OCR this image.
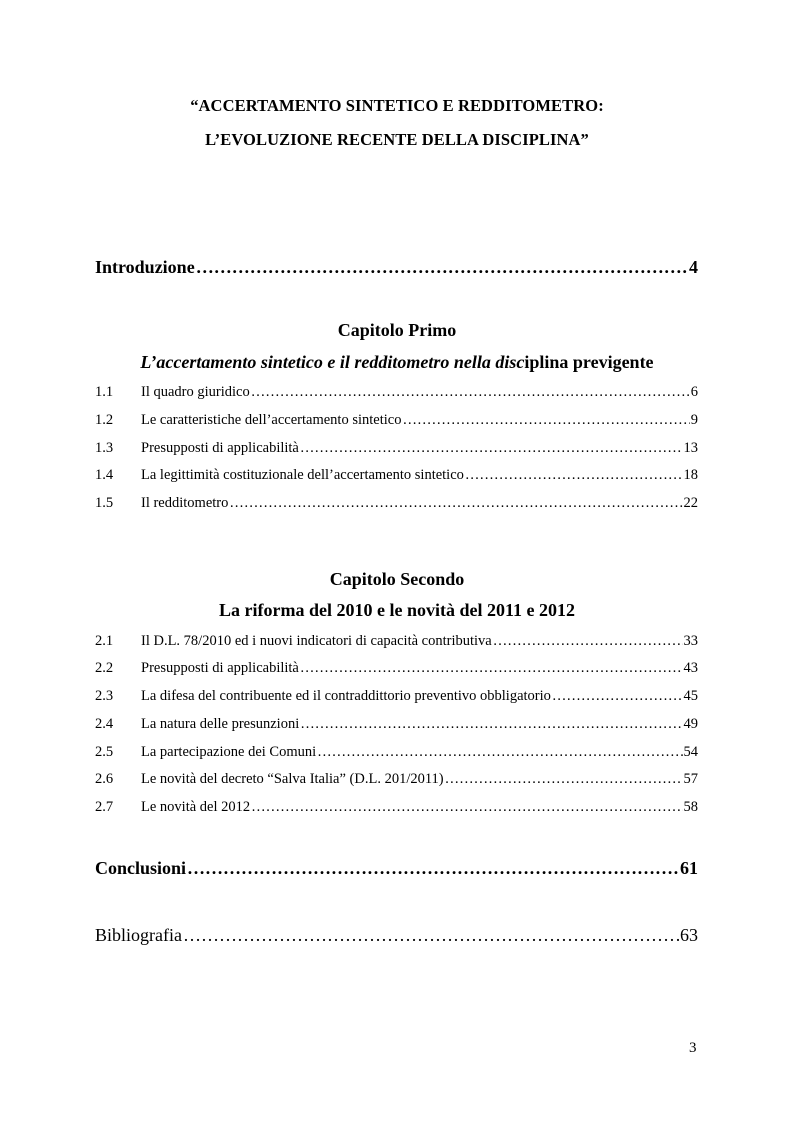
“ACCERTAMENTO SINTETICO E REDDITOMETRO:
L’EVOLUZIONE RECENTE DELLA DISCIPLINA”
Introduzione ………………………………………………………………………………………………………………………………………………………	4
Capitolo Primo
L’accertamento sintetico e il redditometro nella disciplina previgente
1.1	Il quadro giuridico …………………………………………………………………………………………………………………………………………………………………………	6
1.2	Le caratteristiche dell’accertamento sintetico …………………………………………………………………………………………………………………………………………………………………………	9
1.3	Presupposti di applicabilità …………………………………………………………………………………………………………………………………………………………………………	13
1.4	La legittimità costituzionale dell’accertamento sintetico …………………………………………………………………………………………………………………………………………………………………………	18
1.5	Il redditometro …………………………………………………………………………………………………………………………………………………………………………	22
Capitolo Secondo
La riforma del 2010 e le novità del 2011 e 2012
2.1	Il D.L. 78/2010 ed i nuovi indicatori di capacità contributiva …………………………………………………………………………………………………………………………………………………………………………	33
2.2	Presupposti di applicabilità …………………………………………………………………………………………………………………………………………………………………………	43
2.3	La difesa del contribuente ed il contraddittorio preventivo obbligatorio …………………………………………………………………………………………………………………………………………………………………………	45
2.4	La natura delle presunzioni …………………………………………………………………………………………………………………………………………………………………………	49
2.5	La partecipazione dei Comuni …………………………………………………………………………………………………………………………………………………………………………	54
2.6	Le novità del decreto “Salva Italia” (D.L. 201/2011) …………………………………………………………………………………………………………………………………………………………………………	57
2.7	Le novità del 2012 …………………………………………………………………………………………………………………………………………………………………………	58
Conclusioni ………………………………………………………………………………………………………………………………………………………	61
Bibliografia ………………………………………………………………………………………………………………………………………………………	63
3
